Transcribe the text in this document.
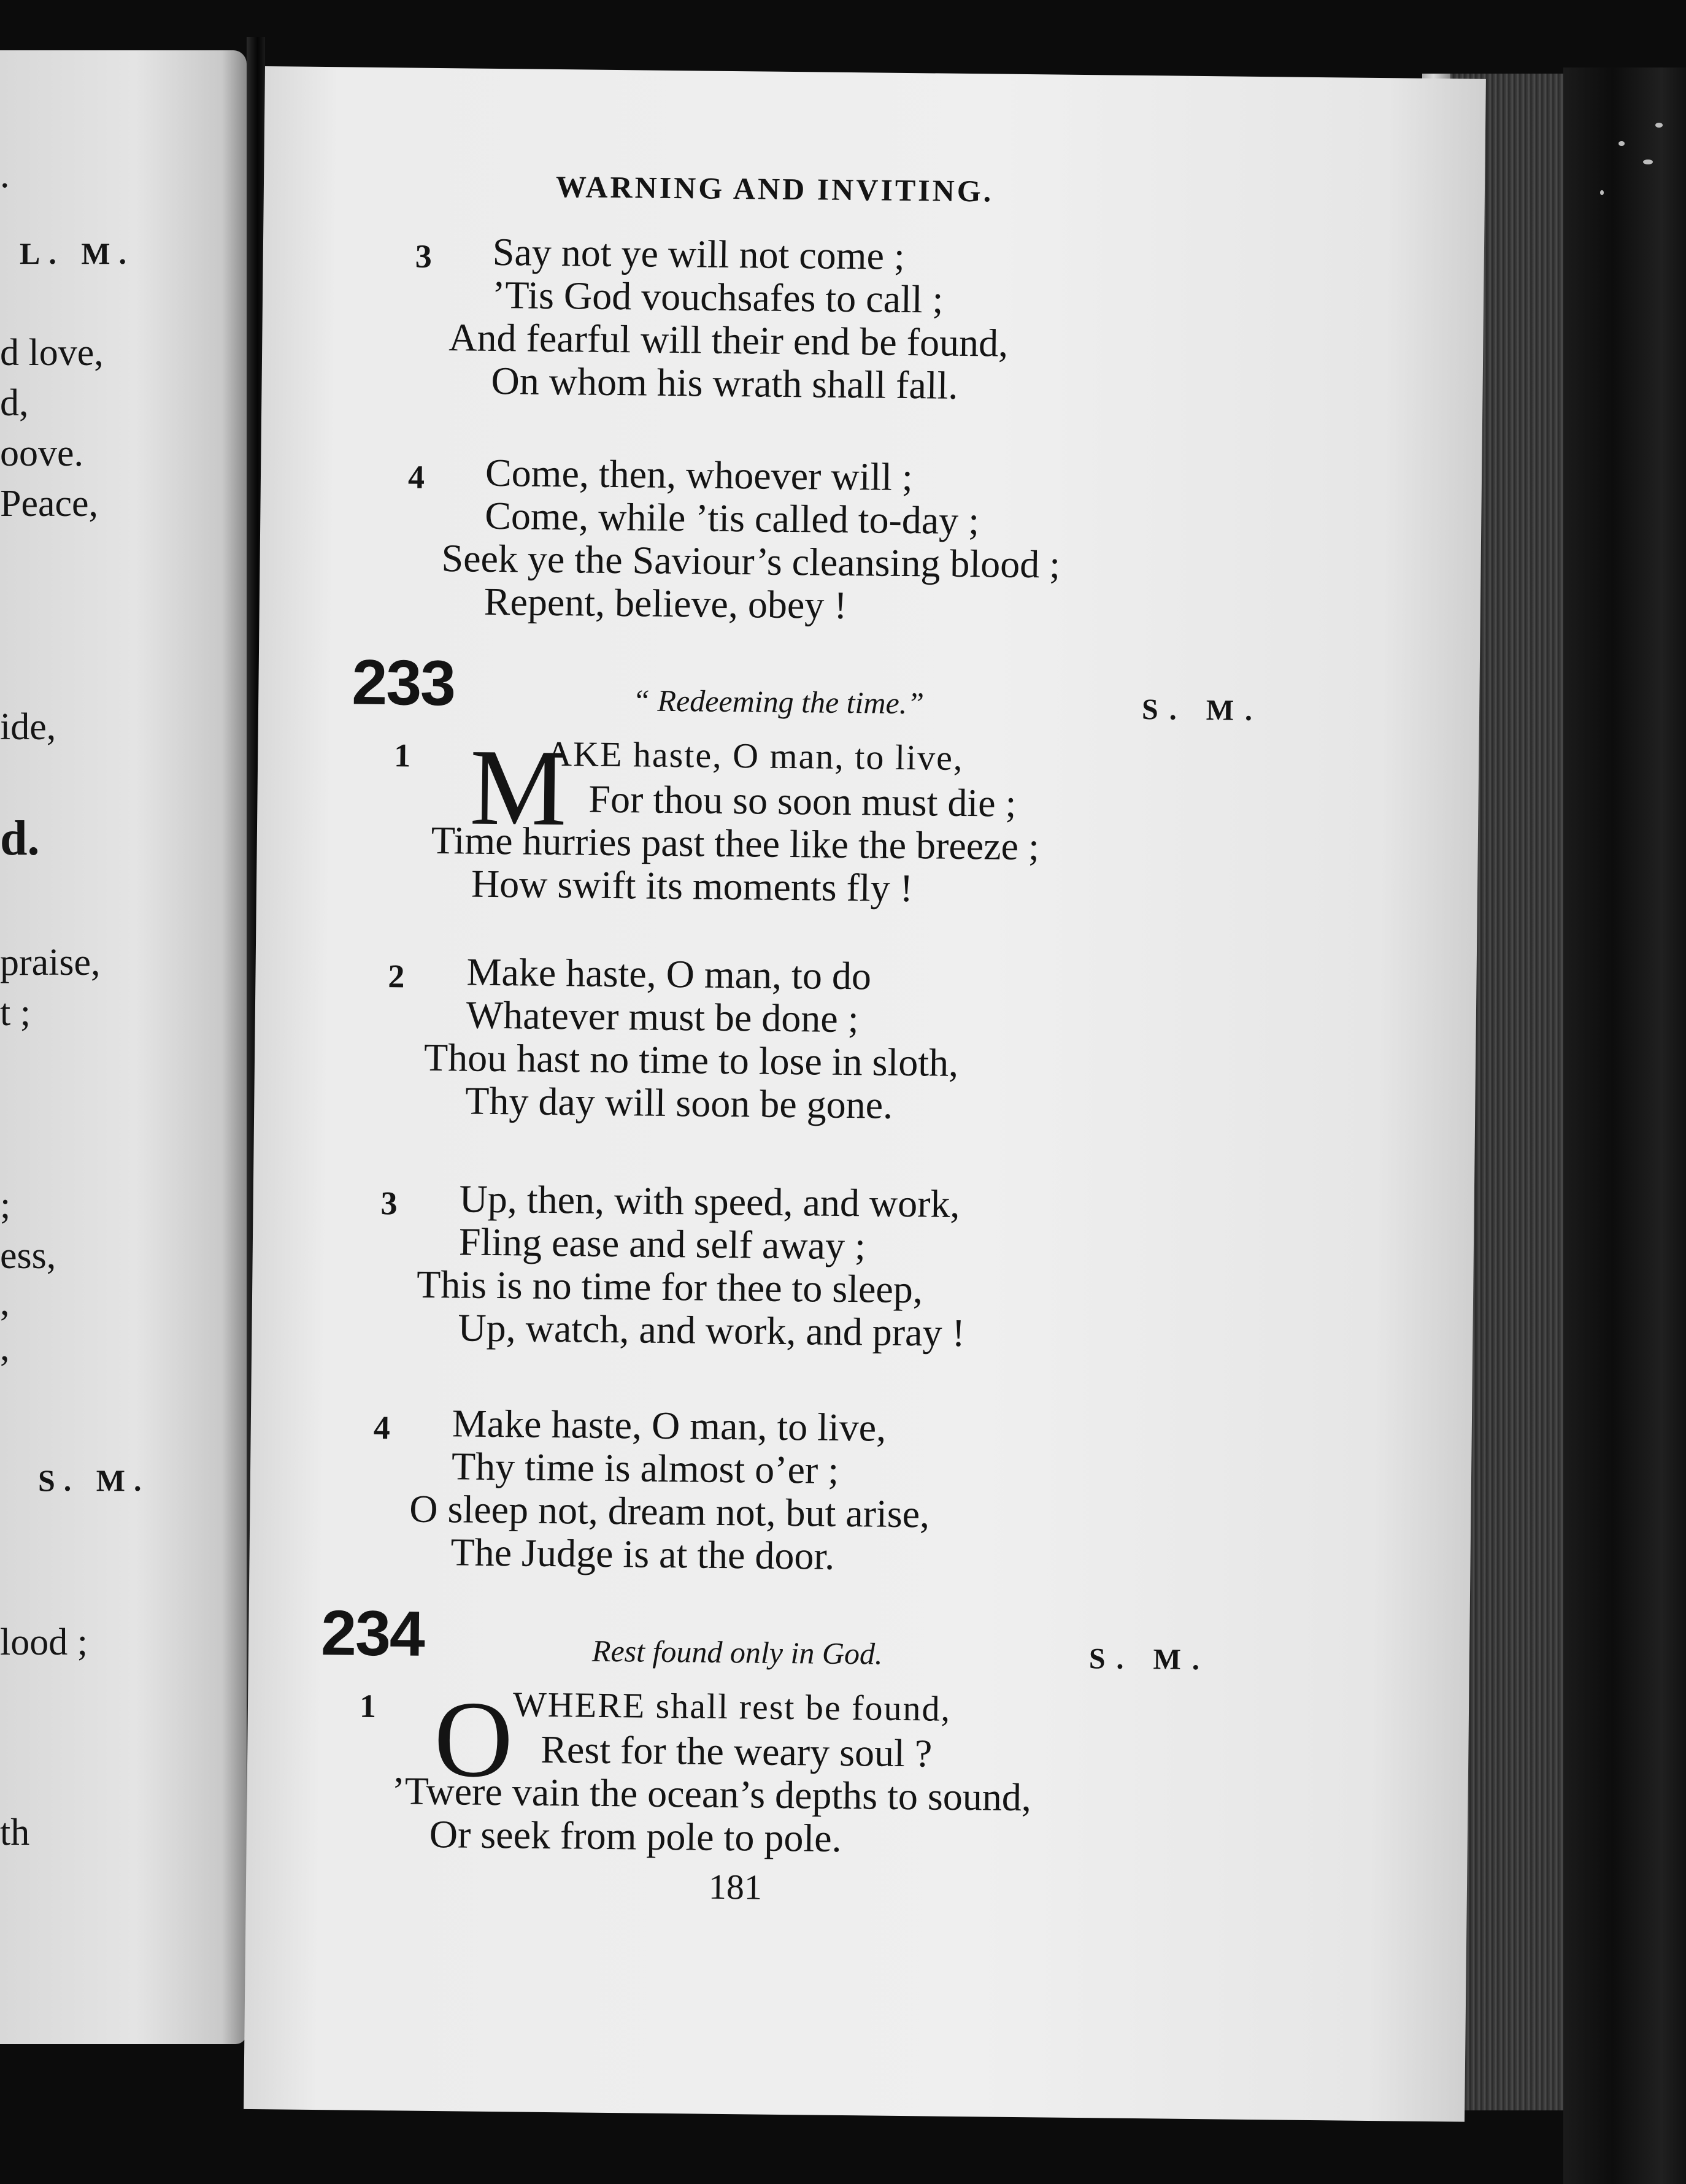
.
L. M.
d love,
d,
oove.
Peace,
ide,
d.
praise,
t ;
;
ess,
,
,
S. M.
lood ;
th
WARNING AND INVITING.
3 Say not ye will not come ;
’Tis God vouchsafes to call ;
And fearful will their end be found,
On whom his wrath shall fall.
4 Come, then, whoever will ;
Come, while ’tis called to-day ;
Seek ye the Saviour’s cleansing blood ;
Repent, believe, obey !
233	“ Redeeming the time.”	S. M.
1 M
AKE haste, O man, to live,
For thou so soon must die ;
Time hurries past thee like the breeze ;
How swift its moments fly !
2 Make haste, O man, to do
Whatever must be done ;
Thou hast no time to lose in sloth,
Thy day will soon be gone.
3 Up, then, with speed, and work,
Fling ease and self away ;
This is no time for thee to sleep,
Up, watch, and work, and pray !
4 Make haste, O man, to live,
Thy time is almost o’er ;
O sleep not, dream not, but arise,
The Judge is at the door.
234	Rest found only in God.	S. M.
1 O
WHERE shall rest be found,
Rest for the weary soul ?
’Twere vain the ocean’s depths to sound,
Or seek from pole to pole.
181
